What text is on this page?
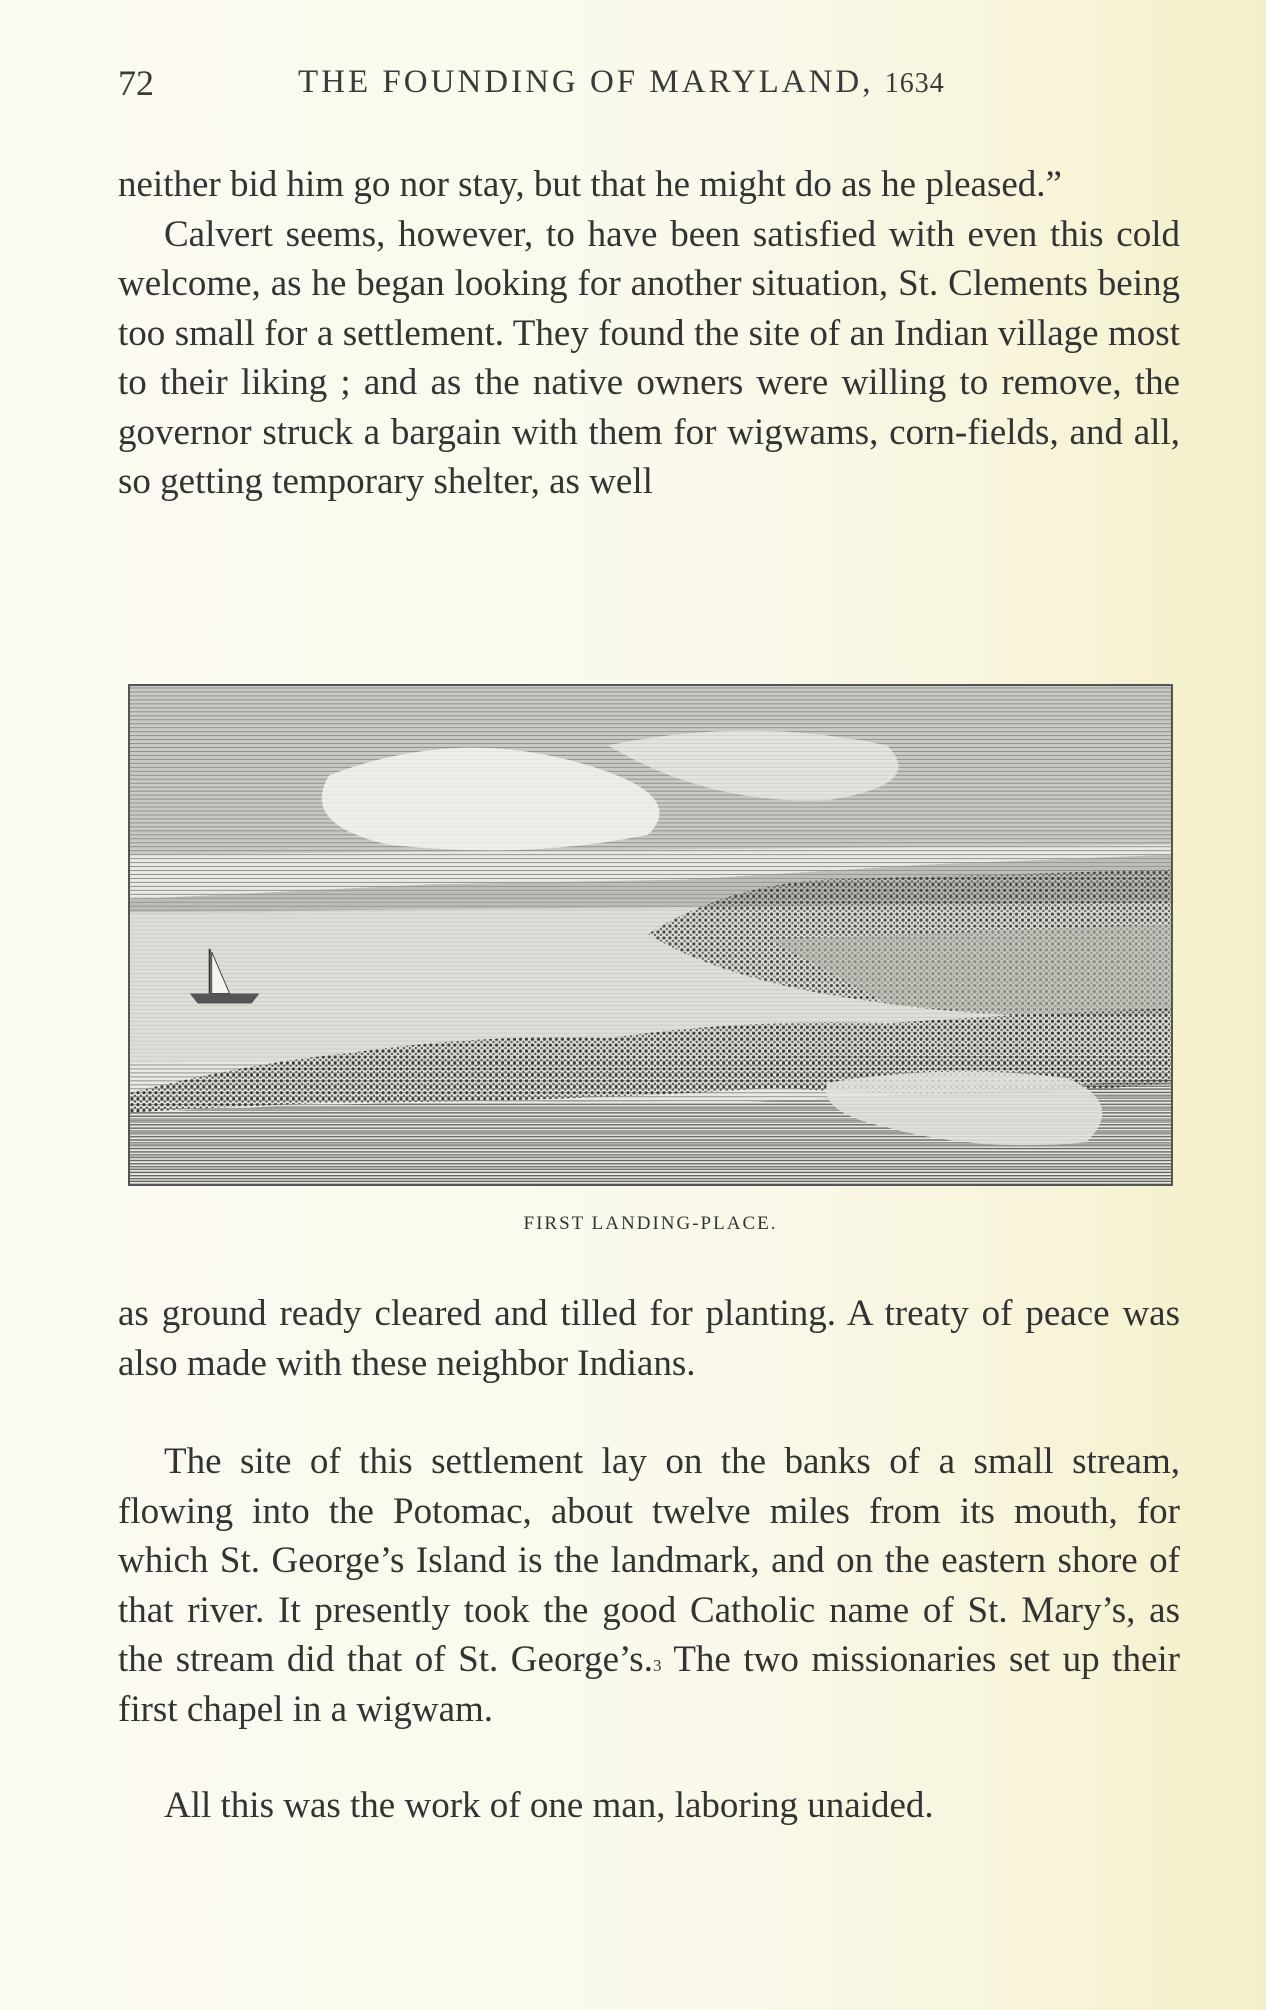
72	THE FOUNDING OF MARYLAND, 1634

neither bid him go nor stay, but that he might do as he pleased.”
Calvert seems, however, to have been satisfied with even this cold welcome, as he began looking for another situation, St. Clements being too small for a settlement. They found the site of an Indian village most to their liking ; and as the native owners were willing to remove, the governor struck a bargain with them for wigwams, corn-fields, and all, so getting temporary shelter, as well

FIRST LANDING-PLACE.

as ground ready cleared and tilled for planting. A treaty of peace was also made with these neighbor Indians.

The site of this settlement lay on the banks of a small stream, flowing into the Potomac, about twelve miles from its mouth, for which St. George’s Island is the landmark, and on the eastern shore of that river. It presently took the good Catholic name of St. Mary’s, as the stream did that of St. George’s.$^3$ The two missionaries set up their first chapel in a wigwam.

All this was the work of one man, laboring unaided.
